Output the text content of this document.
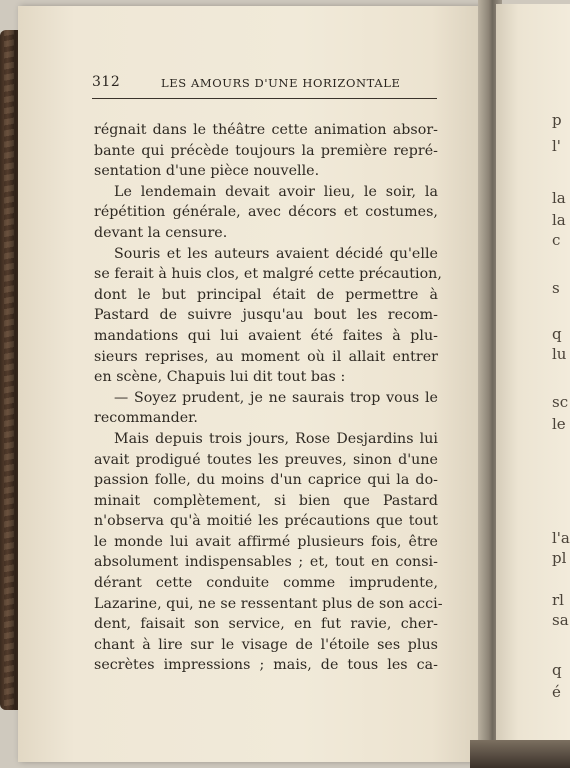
312	LES AMOURS D'UNE HORIZONTALE
régnait dans le théâtre cette animation absor-
bante qui précède toujours la première repré-
sentation d'une pièce nouvelle.
Le lendemain devait avoir lieu, le soir, la
répétition générale, avec décors et costumes,
devant la censure.
Souris et les auteurs avaient décidé qu'elle
se ferait à huis clos, et malgré cette précaution,
dont le but principal était de permettre à
Pastard de suivre jusqu'au bout les recom-
mandations qui lui avaient été faites à plu-
sieurs reprises, au moment où il allait entrer
en scène, Chapuis lui dit tout bas :
— Soyez prudent, je ne saurais trop vous le
recommander.
Mais depuis trois jours, Rose Desjardins lui
avait prodigué toutes les preuves, sinon d'une
passion folle, du moins d'un caprice qui la do-
minait complètement, si bien que Pastard
n'observa qu'à moitié les précautions que tout
le monde lui avait affirmé plusieurs fois, être
absolument indispensables ; et, tout en consi-
dérant cette conduite comme imprudente,
Lazarine, qui, ne se ressentant plus de son acci-
dent, faisait son service, en fut ravie, cher-
chant à lire sur le visage de l'étoile ses plus
secrètes impressions ; mais, de tous les ca-
p
l'
la
la
c
s
q
lu
sc
le
l'a
pl
rl
sa
q
é
